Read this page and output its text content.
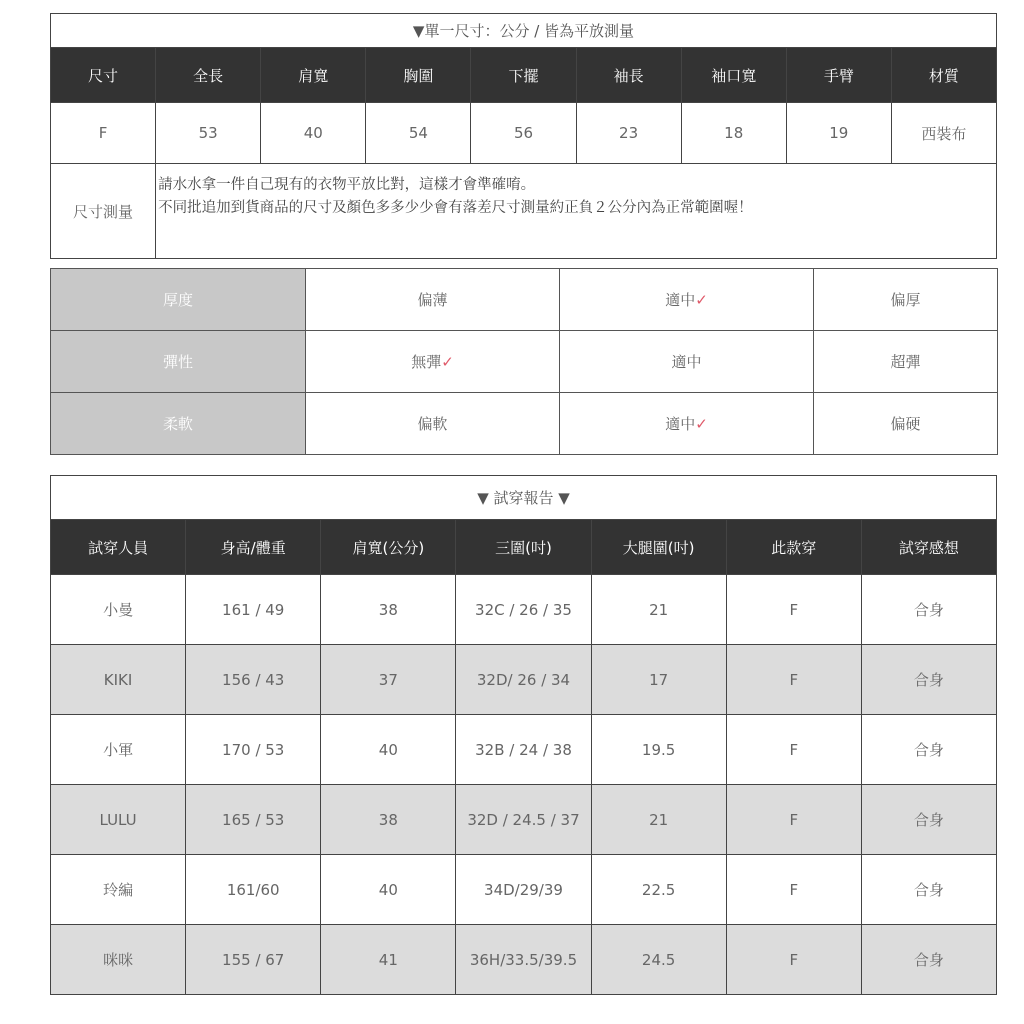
▼單一尺寸：公分 / 皆為平放測量								
尺寸	全長	肩寬	胸圍	下擺	袖長	袖口寬	手臂	材質
F	53	40	54	56	23	18	19	西裝布
尺寸測量	請水水拿一件自己現有的衣物平放比對，這樣才會準確唷。
不同批追加到貨商品的尺寸及顏色多多少少會有落差尺寸測量約正負２公分內為正常範圍喔！							
厚度	偏薄	適中✓	偏厚
彈性	無彈✓	適中	超彈
柔軟	偏軟	適中✓	偏硬
▼ 試穿報告 ▼						
試穿人員	身高/體重	肩寬(公分)	三圍(吋)	大腿圍(吋)	此款穿	試穿感想
小曼	161 / 49	38	32C / 26 / 35	21	F	合身
KIKI	156 / 43	37	32D/ 26 / 34	17	F	合身
小軍	170 / 53	40	32B / 24 / 38	19.5	F	合身
LULU	165 / 53	38	32D / 24.5 / 37	21	F	合身
玲編	161/60	40	34D/29/39	22.5	F	合身
咪咪	155 / 67	41	36H/33.5/39.5	24.5	F	合身
